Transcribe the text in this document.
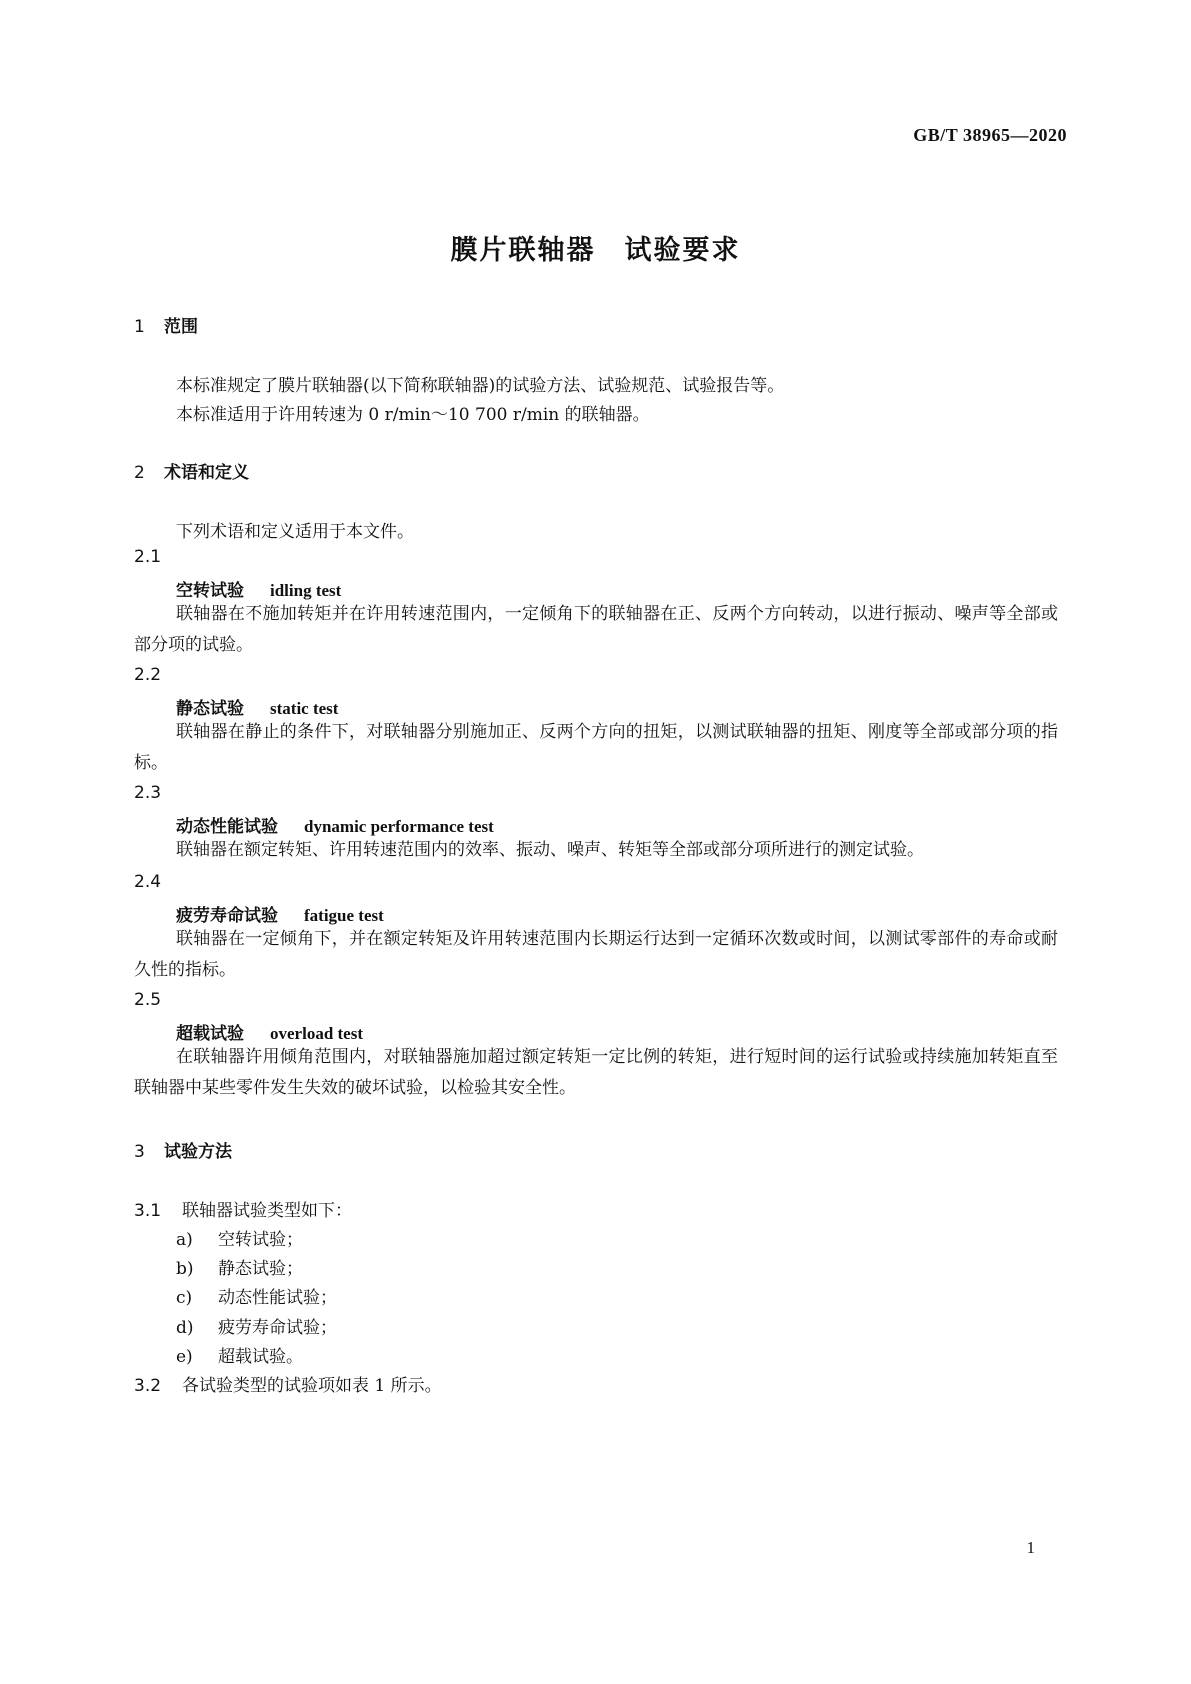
GB/T 38965—2020
膜片联轴器　试验要求
1 范围
本标准规定了膜片联轴器(以下简称联轴器)的试验方法、试验规范、试验报告等。
本标准适用于许用转速为 0 r/min～10 700 r/min 的联轴器。
2 术语和定义
下列术语和定义适用于本文件。
2.1
空转试验 idling test
联轴器在不施加转矩并在许用转速范围内，一定倾角下的联轴器在正、反两个方向转动，以进行振动、噪声等全部或部分项的试验。
2.2
静态试验 static test
联轴器在静止的条件下，对联轴器分别施加正、反两个方向的扭矩，以测试联轴器的扭矩、刚度等全部或部分项的指标。
2.3
动态性能试验 dynamic performance test
联轴器在额定转矩、许用转速范围内的效率、振动、噪声、转矩等全部或部分项所进行的测定试验。
2.4
疲劳寿命试验 fatigue test
联轴器在一定倾角下，并在额定转矩及许用转速范围内长期运行达到一定循环次数或时间，以测试零部件的寿命或耐久性的指标。
2.5
超载试验 overload test
在联轴器许用倾角范围内，对联轴器施加超过额定转矩一定比例的转矩，进行短时间的运行试验或持续施加转矩直至联轴器中某些零件发生失效的破坏试验，以检验其安全性。
3 试验方法
3.1 联轴器试验类型如下：
a) 空转试验；
b) 静态试验；
c) 动态性能试验；
d) 疲劳寿命试验；
e) 超载试验。
3.2 各试验类型的试验项如表 1 所示。
1
